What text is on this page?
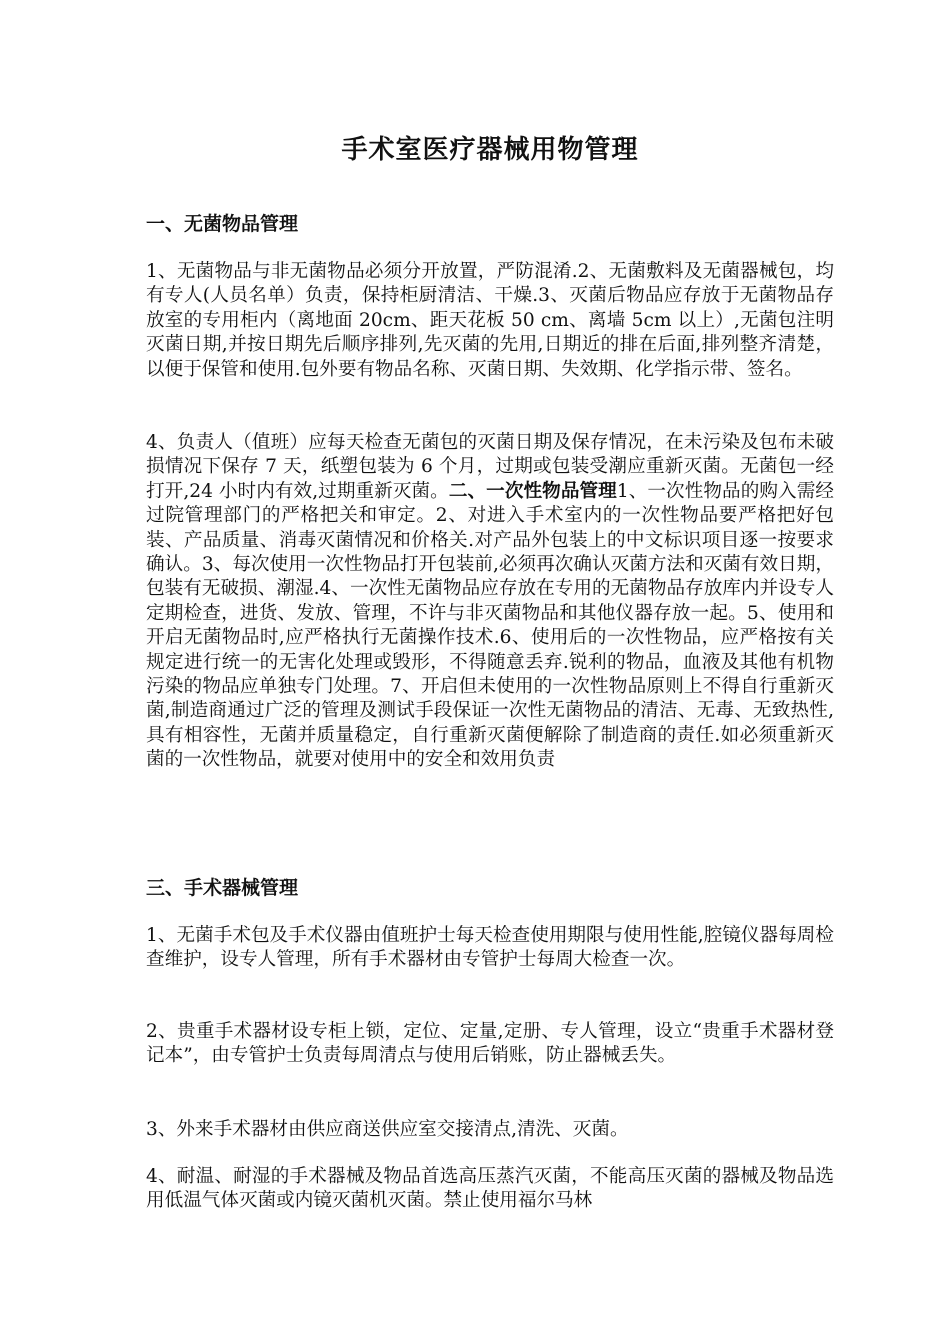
手术室医疗器械用物管理
一、无菌物品管理
1、无菌物品与非无菌物品必须分开放置，严防混淆.2、无菌敷料及无菌器械包，均有专人(人员名单）负责，保持柜厨清洁、干燥.3、灭菌后物品应存放于无菌物品存放室的专用柜内（离地面 20cm、距天花板 50 cm、离墙 5cm 以上）,无菌包注明灭菌日期,并按日期先后顺序排列,先灭菌的先用,日期近的排在后面,排列整齐清楚，以便于保管和使用.包外要有物品名称、灭菌日期、失效期、化学指示带、签名。
4、负责人（值班）应每天检查无菌包的灭菌日期及保存情况，在未污染及包布未破损情况下保存 7 天，纸塑包装为 6 个月，过期或包装受潮应重新灭菌。无菌包一经打开,24 小时内有效,过期重新灭菌。二、一次性物品管理1、一次性物品的购入需经过院管理部门的严格把关和审定。2、对进入手术室内的一次性物品要严格把好包装、产品质量、消毒灭菌情况和价格关.对产品外包装上的中文标识项目逐一按要求确认。3、每次使用一次性物品打开包装前,必须再次确认灭菌方法和灭菌有效日期，包装有无破损、潮湿.4、一次性无菌物品应存放在专用的无菌物品存放库内并设专人定期检查，进货、发放、管理，不许与非灭菌物品和其他仪器存放一起。5、使用和开启无菌物品时,应严格执行无菌操作技术.6、使用后的一次性物品，应严格按有关规定进行统一的无害化处理或毁形，不得随意丢弃.锐利的物品，血液及其他有机物污染的物品应单独专门处理。7、开启但未使用的一次性物品原则上不得自行重新灭菌,制造商通过广泛的管理及测试手段保证一次性无菌物品的清洁、无毒、无致热性,具有相容性，无菌并质量稳定，自行重新灭菌便解除了制造商的责任.如必须重新灭菌的一次性物品，就要对使用中的安全和效用负责
三、手术器械管理
1、无菌手术包及手术仪器由值班护士每天检查使用期限与使用性能,腔镜仪器每周检查维护，设专人管理，所有手术器材由专管护士每周大检查一次。
2、贵重手术器材设专柜上锁，定位、定量,定册、专人管理，设立“贵重手术器材登记本”，由专管护士负责每周清点与使用后销账，防止器械丢失。
3、外来手术器材由供应商送供应室交接清点,清洗、灭菌。
4、耐温、耐湿的手术器械及物品首选高压蒸汽灭菌，不能高压灭菌的器械及物品选用低温气体灭菌或内镜灭菌机灭菌。禁止使用福尔马林
